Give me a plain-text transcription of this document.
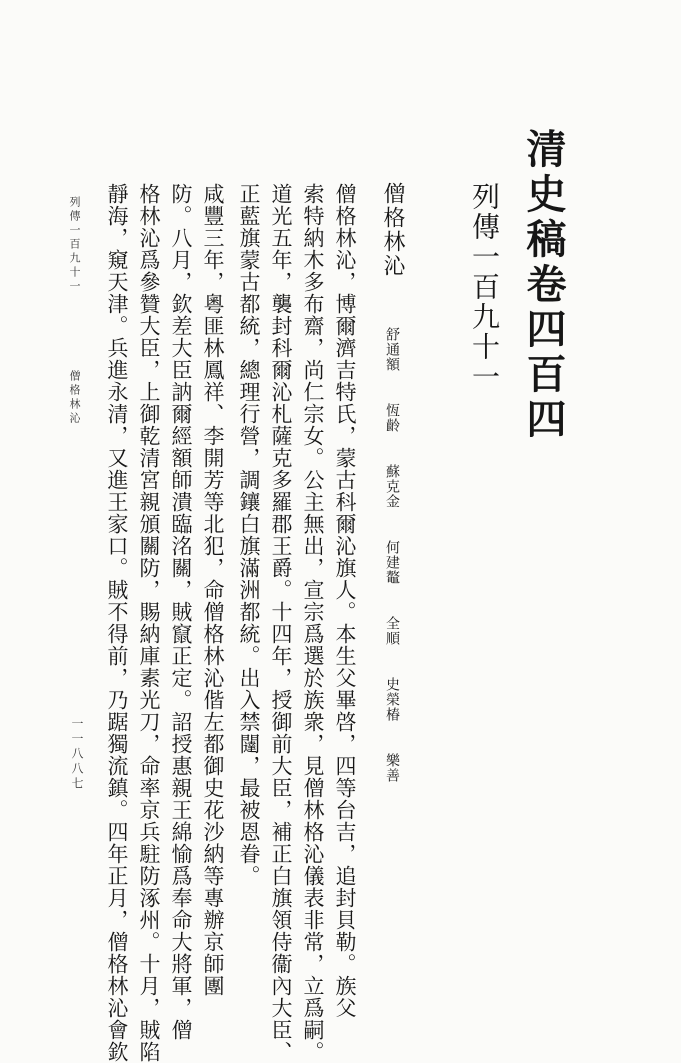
清史稿卷四百四
列傳一百九十一
僧格林沁 舒通額 恆齡 蘇克金 何建鼇 全順 史榮椿 樂善
僧格林沁，博爾濟吉特氏，蒙古科爾沁旗人。本生父畢啓，四等台吉，追封貝勒。族父
索特納木多布齋，尚仁宗女。公主無出，宣宗爲選於族衆，見僧林格沁儀表非常，立爲嗣。
道光五年，襲封科爾沁札薩克多羅郡王爵。十四年，授御前大臣，補正白旗領侍衞內大臣、
正藍旗蒙古都統，總理行營，調鑲白旗滿洲都統。出入禁闥，最被恩眷。
咸豐三年，粵匪林鳳祥、李開芳等北犯，命僧格林沁偕左都御史花沙納等專辦京師團
防。八月，欽差大臣訥爾經額師潰臨洺關，賊竄正定。詔授惠親王綿愉爲奉命大將軍，僧
格林沁爲參贊大臣，上御乾清宮親頒關防，賜納庫素光刀，命率京兵駐防涿州。十月，賊陷
靜海，窺天津。兵進永清，又進王家口。賊不得前，乃踞獨流鎮。四年正月，僧格林沁會欽
列傳一百九十一  僧格林沁
一一八八七
